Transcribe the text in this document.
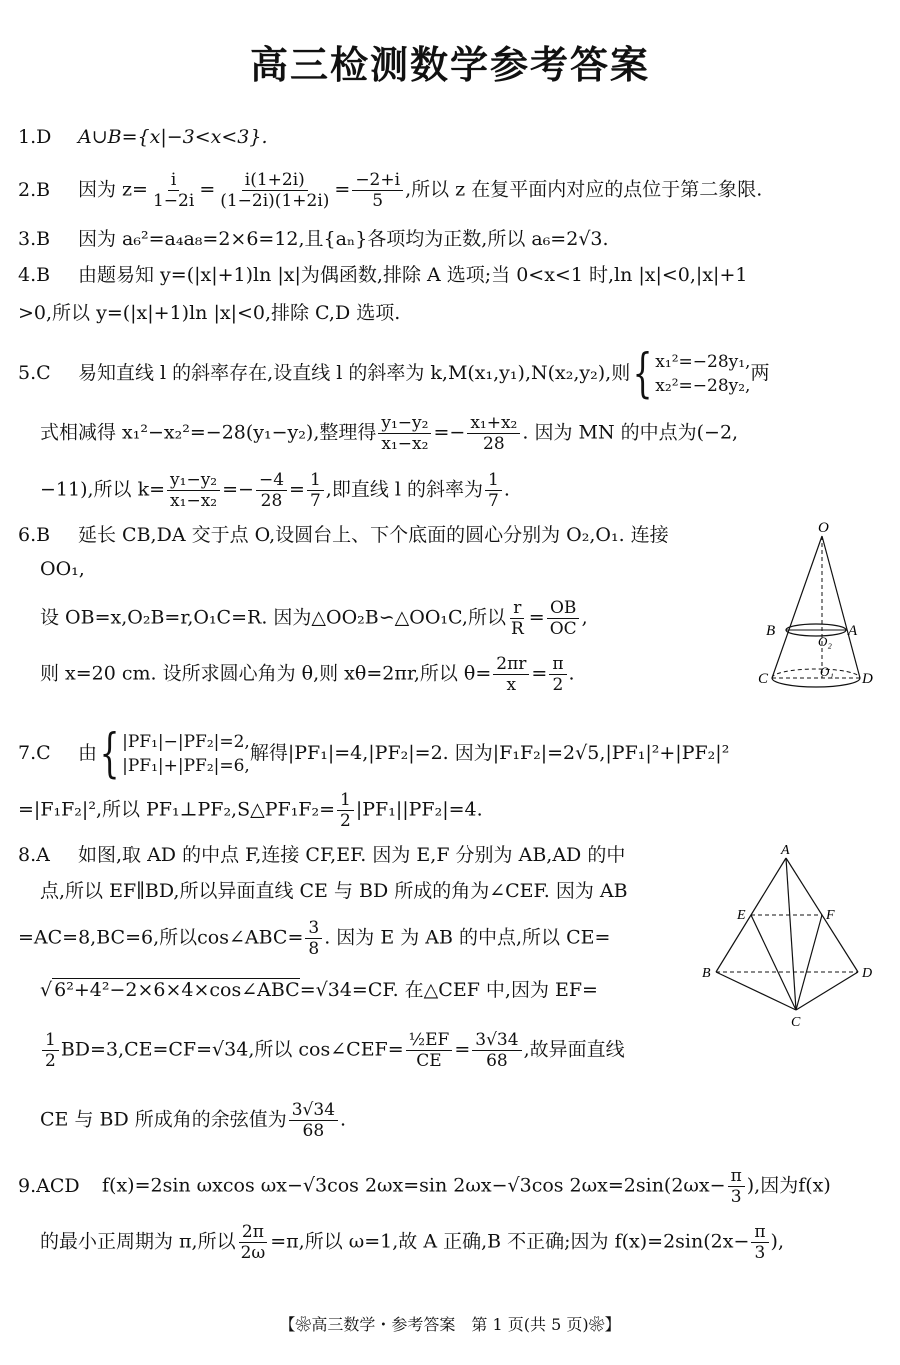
高三检测数学参考答案
1.D A∪B={x|−3<x<3}.
2.B 因为 $z= \frac{i}{1-2i} = \frac{i(1+2i)}{(1-2i)(1+2i)} = \frac{-2+i}{5}$ ,所以 z 在复平面内对应的点位于第二象限.
3.B 因为 a₆²=a₄a₈=2×6=12,且{aₙ}各项均为正数,所以 a₆=2√3.
4.B 由题易知 y=(|x|+1)ln |x|为偶函数,排除 A 选项;当 0<x<1 时,ln |x|<0,|x|+1
>0,所以 y=(|x|+1)ln |x|<0,排除 C,D 选项.
5.C 易知直线 l 的斜率存在,设直线 l 的斜率为 k,M(x₁,y₁),N(x₂,y₂),则 { x₁²=−28y₁,
x₂²=−28y₂,
两
式相减得 x₁²−x₂²=−28(y₁−y₂),整理得 $\frac{\text{y₁−y₂}}{\text{x₁−x₂}} =- \frac{\text{x₁+x₂}}{28}$ . 因为 MN 的中点为(−2,
−11),所以 $k= \frac{\text{y₁−y₂}}{\text{x₁−x₂}} =- \frac{-4}{28} = \frac{1}{7}$ ,即直线 l 的斜率为 $\frac{1}{7}$ .
6.B 延长 CB,DA 交于点 O,设圆台上、下个底面的圆心分别为 O₂,O₁. 连接
OO₁,
设 OB=x,O₂B=r,O₁C=R. 因为△OO₂B∽△OO₁C,所以 $\frac{r}{R} = \frac{OB}{OC}$ ,
则 x=20 cm. 设所求圆心角为 θ,则 xθ=2πr,所以 $\theta= \frac{2\pi r}{x} = \frac{\pi}{2}$ .
O
B	A
C	D
O₂
O₁
7.C 由 { |PF₁|−|PF₂|=2,
|PF₁|+|PF₂|=6,
解得|PF₁|=4,|PF₂|=2. 因为|F₁F₂|=2√5,|PF₁|²+|PF₂|²
=|F₁F₂|²,所以 PF₁⊥PF₂,S△PF₁F₂= $\frac{1}{2} |PF_1||PF_2|=4$.
8.A 如图,取 AD 的中点 F,连接 CF,EF. 因为 E,F 分别为 AB,AD 的中
点,所以 EF∥BD,所以异面直线 CE 与 BD 所成的角为∠CEF. 因为 AB
=AC=8,BC=6,所以cos∠ABC= $\frac{3}{8}$ . 因为 E 为 AB 的中点,所以 CE=
√ 6²+4²−2×6×4×cos∠ABC=√34=CF. 在△CEF 中,因为 EF=
$\frac{1}{2} BD=3,CE=CF=√34$,所以 cos∠CEF= $\frac{\text{½EF}}{CE} = \frac{3√34}{68}$ ,故异面直线
CE 与 BD 所成角的余弦值为 $\frac{3√34}{68}$ .
A
E	F
B	D
C
9.ACD f(x)=2sin ωxcos ωx−√3cos 2ωx=sin 2ωx−√3cos $2\omega x=2\sin(2\omega x- \frac{\pi}{3}$ ),因为f(x)
的最小正周期为 π,所以 $\frac{2\pi}{2\omega} =\pi$,所以 ω=1,故 A 正确,B 不正确;因为 $f(x)=2\sin(2x- \frac{\pi}{3}$ ),
【❀高三数学・参考答案　第 1 页(共 5 页)❀】
